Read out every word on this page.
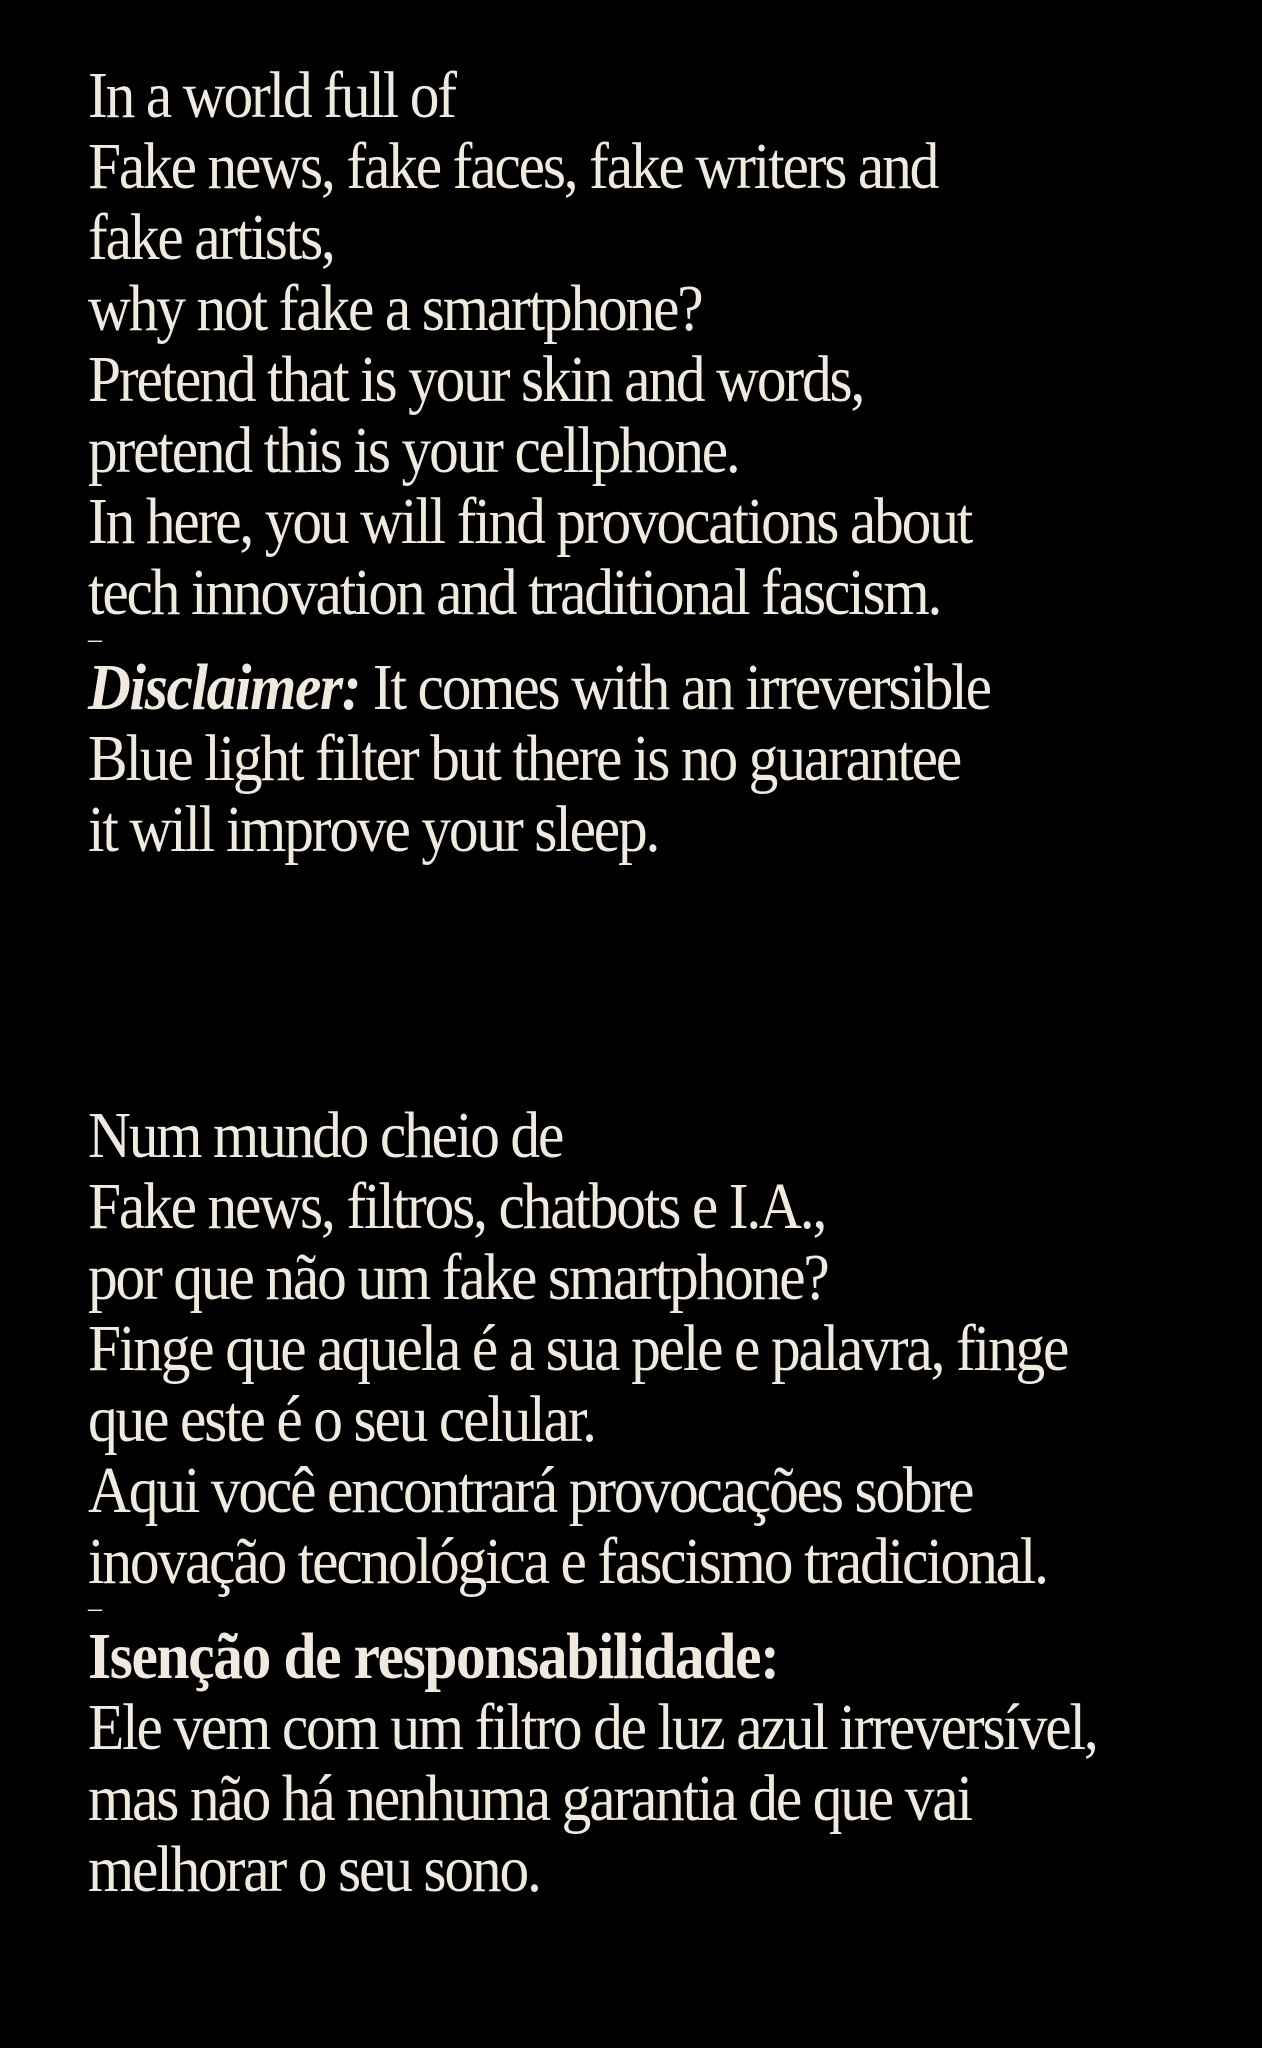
In a world full of
Fake news, fake faces, fake writers and
fake artists,
why not fake a smartphone?
Pretend that is your skin and words,
pretend this is your cellphone.
In here, you will find provocations about
tech innovation and traditional fascism.
–
Disclaimer: It comes with an irreversible
Blue light filter but there is no guarantee
it will improve your sleep.
Num mundo cheio de
Fake news, filtros, chatbots e I.A.,
por que não um fake smartphone?
Finge que aquela é a sua pele e palavra, finge
que este é o seu celular.
Aqui você encontrará provocações sobre
inovação tecnológica e fascismo tradicional.
–
Isenção de responsabilidade:
Ele vem com um filtro de luz azul irreversível,
mas não há nenhuma garantia de que vai
melhorar o seu sono.
